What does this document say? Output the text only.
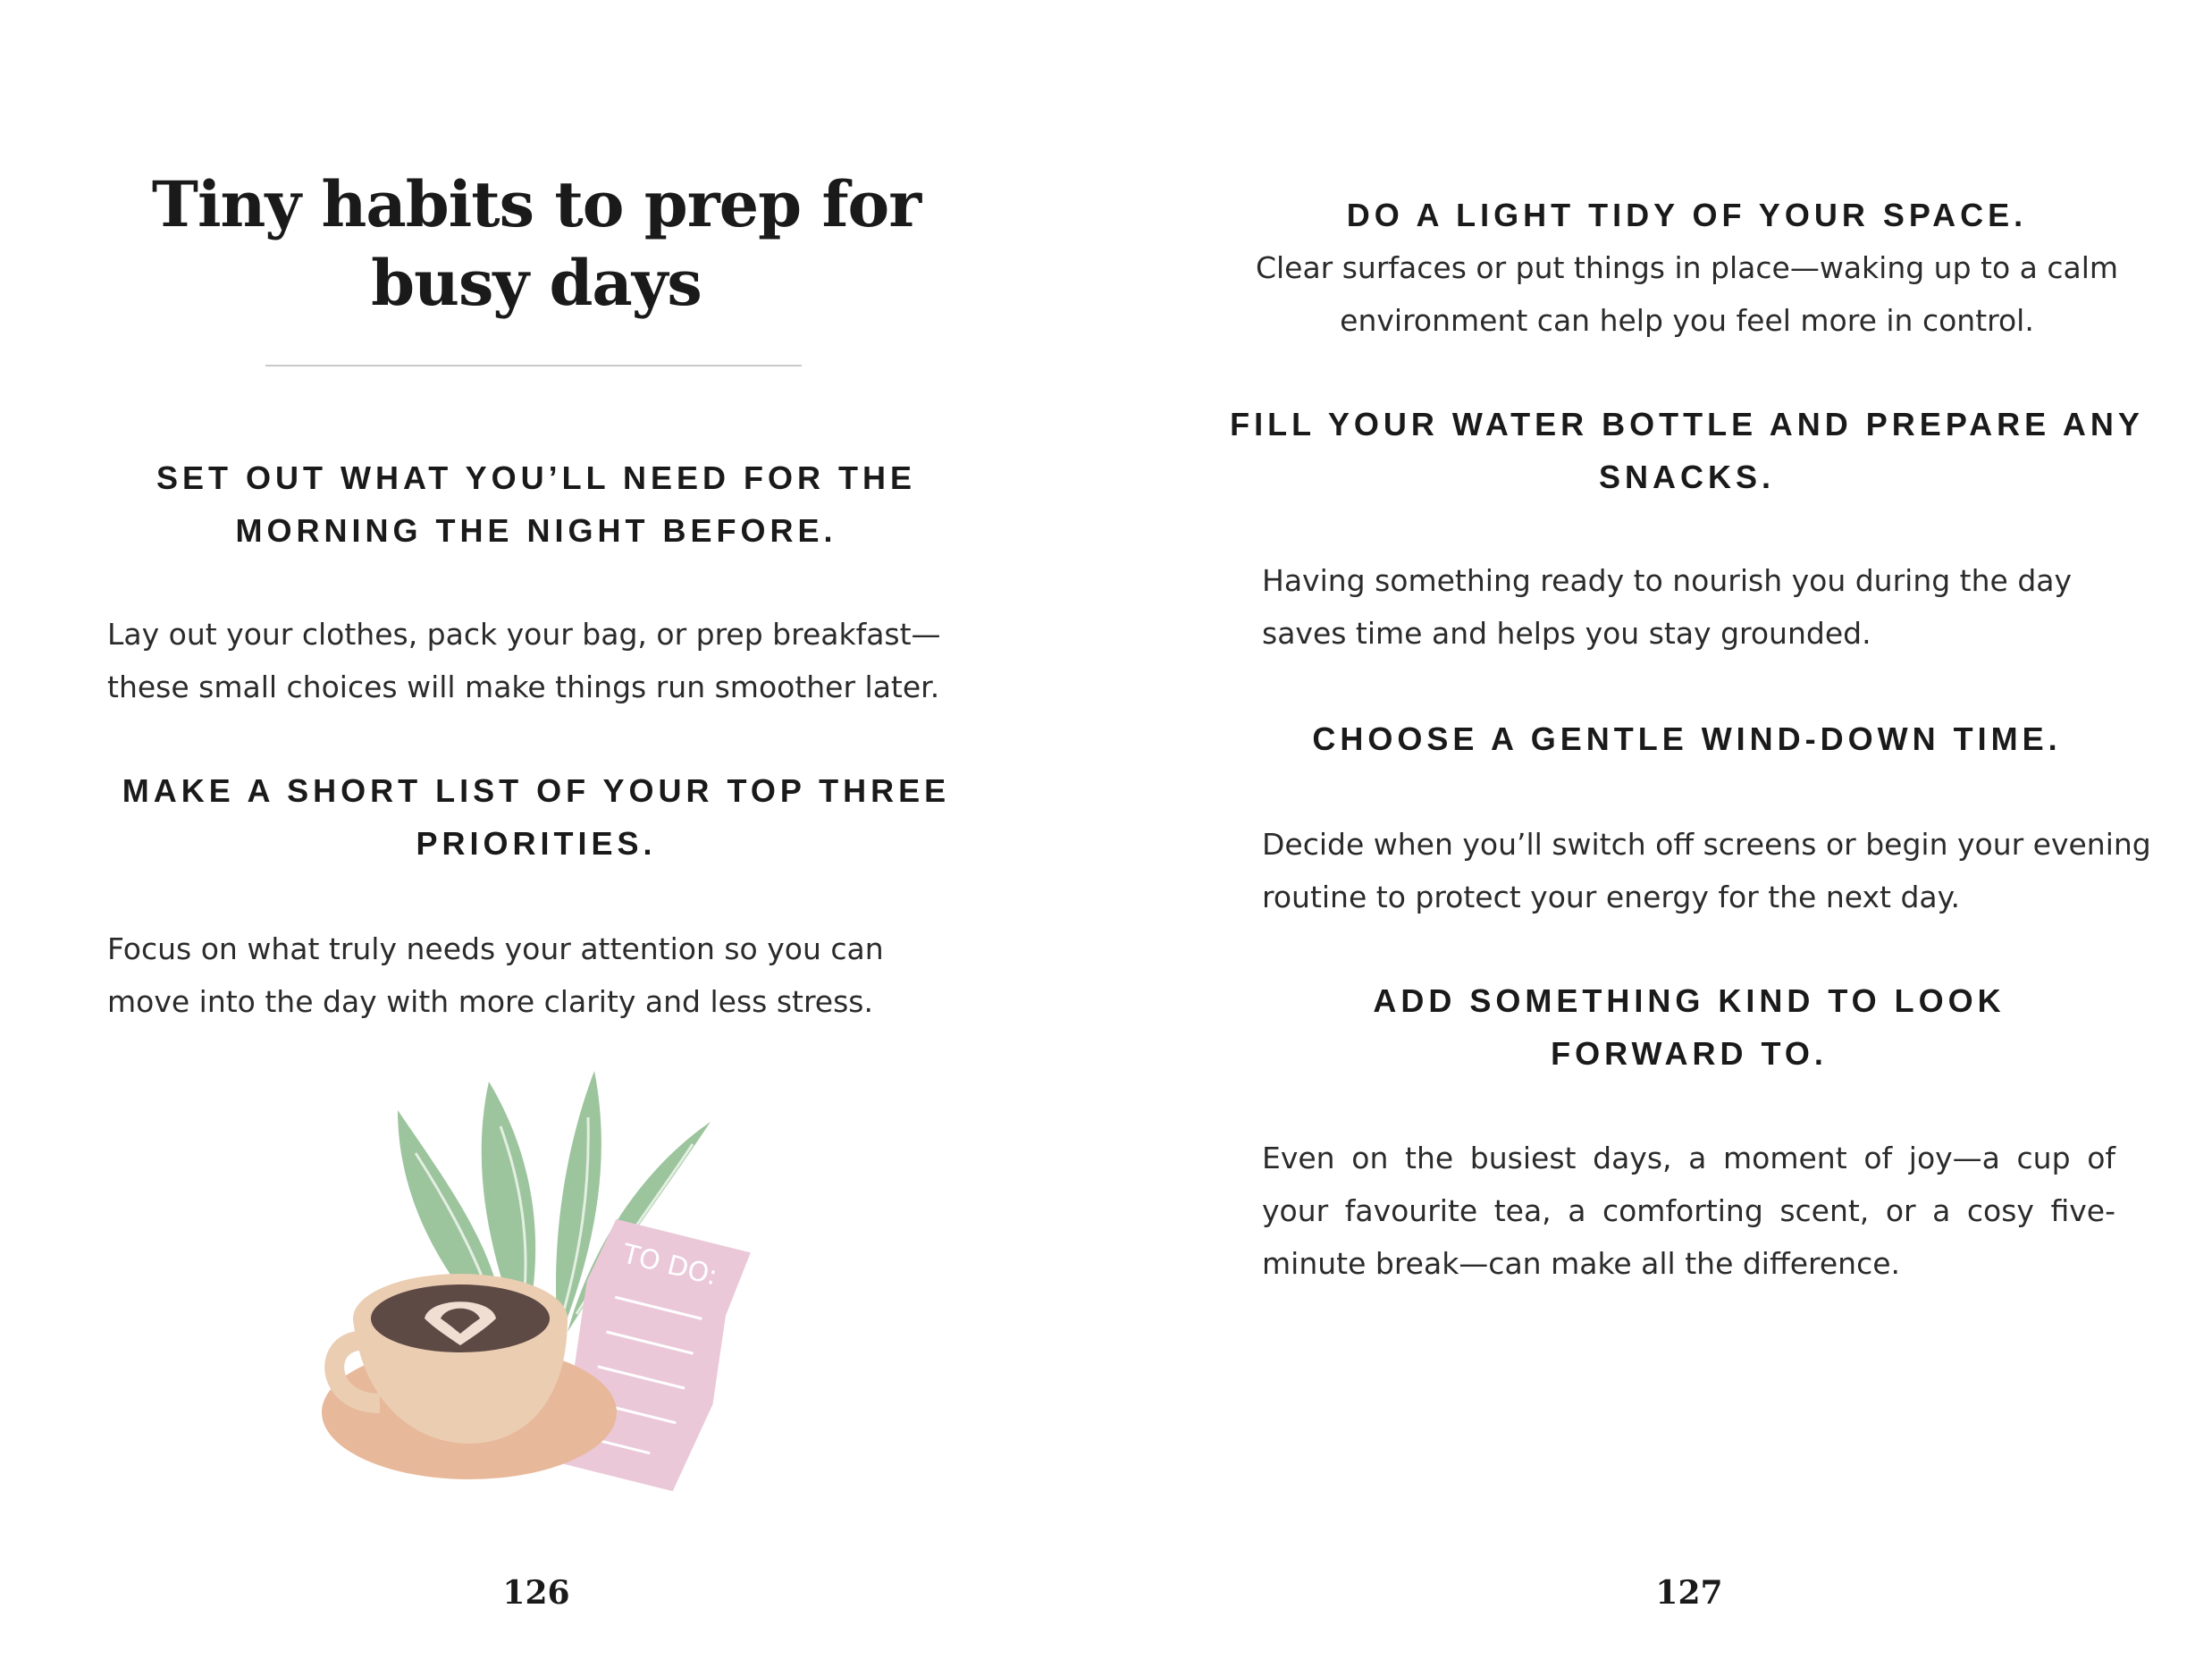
Tiny habits to prep for busy days
SET OUT WHAT YOU’LL NEED FOR THE MORNING THE NIGHT BEFORE.

Lay out your clothes, pack your bag, or prep breakfast—these small choices will make things run smoother later.

MAKE A SHORT LIST OF YOUR TOP THREE PRIORITIES.

Focus on what truly needs your attention so you can move into the day with more clarity and less stress.

TO DO:
126
DO A LIGHT TIDY OF YOUR SPACE.

Clear surfaces or put things in place—waking up to a calm environment can help you feel more in control.

FILL YOUR WATER BOTTLE AND PREPARE ANY SNACKS.

Having something ready to nourish you during the day saves time and helps you stay grounded.

CHOOSE A GENTLE WIND-DOWN TIME.

Decide when you’ll switch off screens or begin your evening routine to protect your energy for the next day.

ADD SOMETHING KIND TO LOOK FORWARD TO.

Even on the busiest days, a moment of joy—a cup of your favourite tea, a comforting scent, or a cosy five-minute break—can make all the difference.

127
